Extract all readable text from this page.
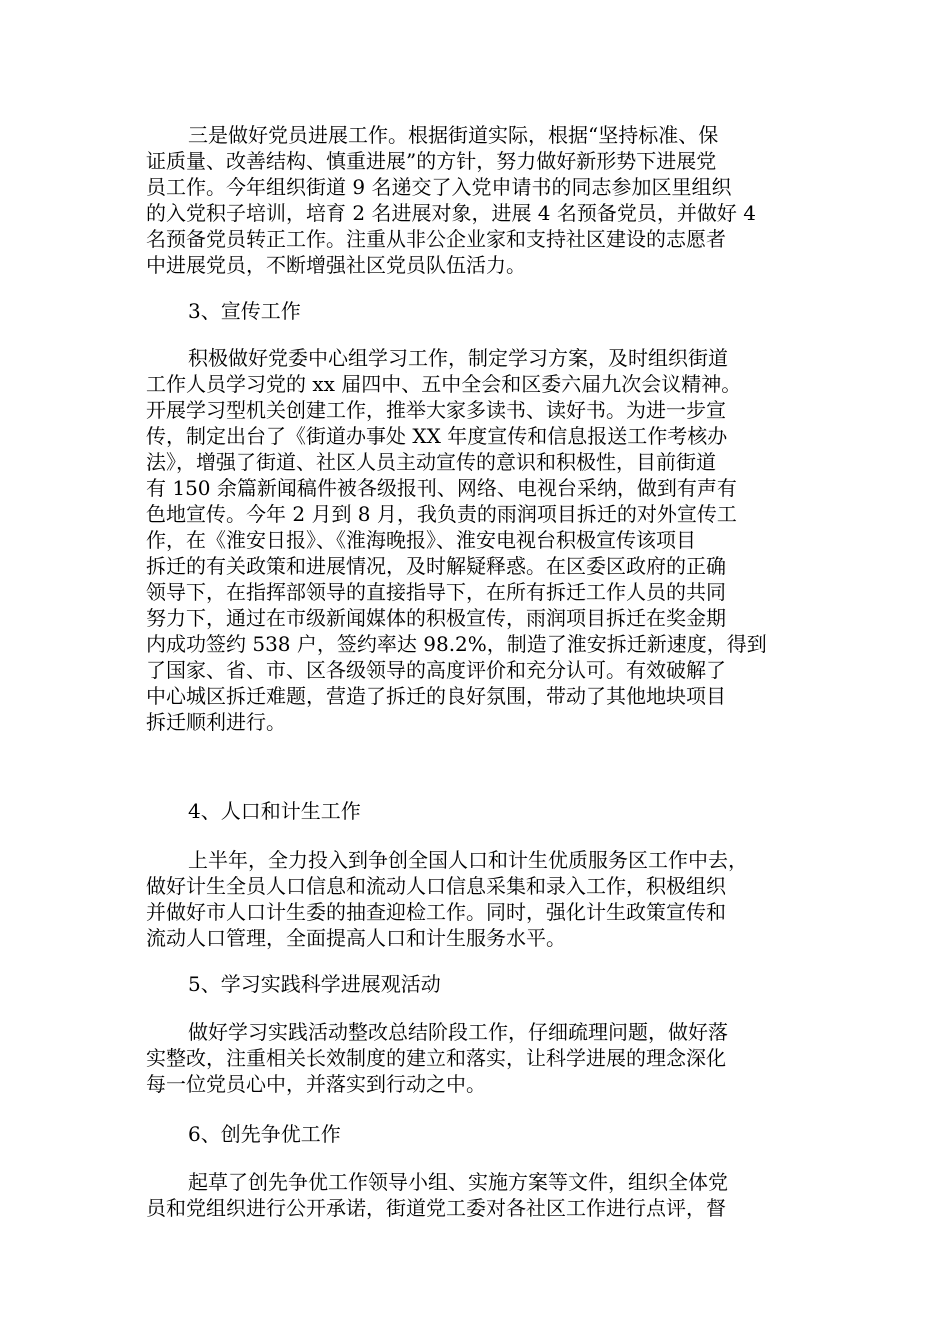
三是做好党员进展工作。根据街道实际，根据“坚持标准、保
证质量、改善结构、慎重进展”的方针，努力做好新形势下进展党
员工作。今年组织街道 9 名递交了入党申请书的同志参加区里组织
的入党积子培训，培育 2 名进展对象，进展 4 名预备党员，并做好 4
名预备党员转正工作。注重从非公企业家和支持社区建设的志愿者
中进展党员，不断增强社区党员队伍活力。
3、宣传工作
积极做好党委中心组学习工作，制定学习方案，及时组织街道
工作人员学习党的 xx 届四中、五中全会和区委六届九次会议精神。
开展学习型机关创建工作，推举大家多读书、读好书。为进一步宣
传，制定出台了《街道办事处 XX 年度宣传和信息报送工作考核办
法》，增强了街道、社区人员主动宣传的意识和积极性，目前街道
有 150 余篇新闻稿件被各级报刊、网络、电视台采纳，做到有声有
色地宣传。今年 2 月到 8 月，我负责的雨润项目拆迁的对外宣传工
作，在《淮安日报》、《淮海晚报》、淮安电视台积极宣传该项目
拆迁的有关政策和进展情况，及时解疑释惑。在区委区政府的正确
领导下，在指挥部领导的直接指导下，在所有拆迁工作人员的共同
努力下，通过在市级新闻媒体的积极宣传，雨润项目拆迁在奖金期
内成功签约 538 户，签约率达 98.2%，制造了淮安拆迁新速度，得到
了国家、省、市、区各级领导的高度评价和充分认可。有效破解了
中心城区拆迁难题，营造了拆迁的良好氛围，带动了其他地块项目
拆迁顺利进行。
4、人口和计生工作
上半年，全力投入到争创全国人口和计生优质服务区工作中去，
做好计生全员人口信息和流动人口信息采集和录入工作，积极组织
并做好市人口计生委的抽查迎检工作。同时，强化计生政策宣传和
流动人口管理，全面提高人口和计生服务水平。
5、学习实践科学进展观活动
做好学习实践活动整改总结阶段工作，仔细疏理问题，做好落
实整改，注重相关长效制度的建立和落实，让科学进展的理念深化
每一位党员心中，并落实到行动之中。
6、创先争优工作
起草了创先争优工作领导小组、实施方案等文件，组织全体党
员和党组织进行公开承诺，街道党工委对各社区工作进行点评，督
